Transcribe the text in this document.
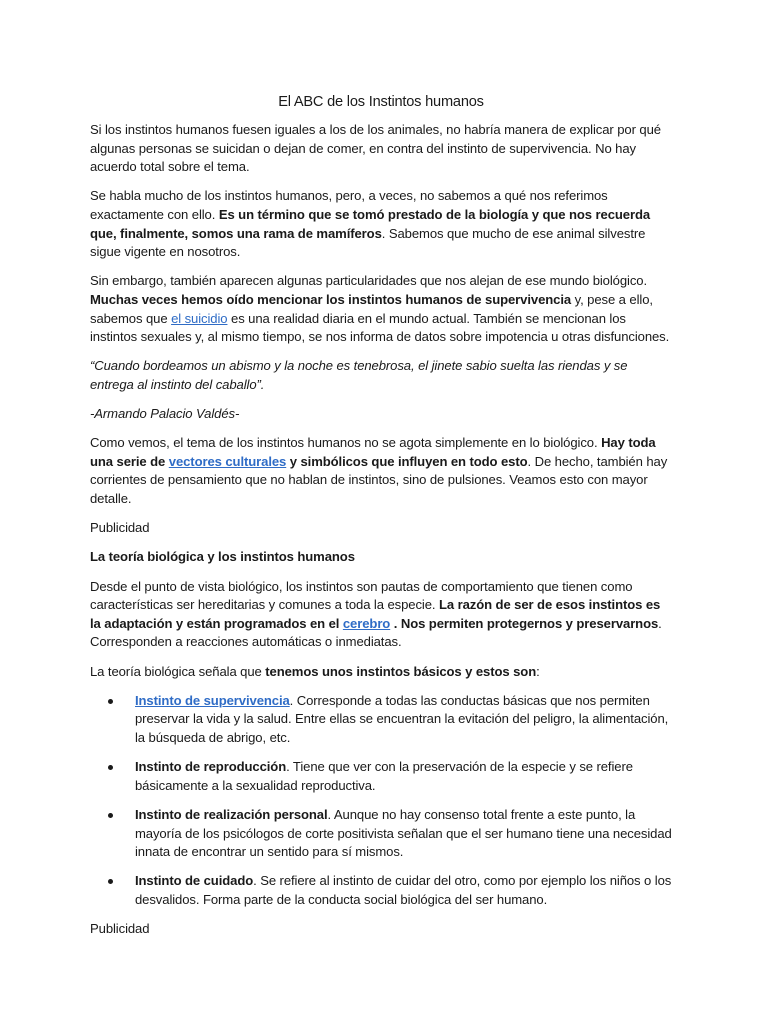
El ABC de los Instintos humanos

Si los instintos humanos fuesen iguales a los de los animales, no habría manera de explicar por qué algunas personas se suicidan o dejan de comer, en contra del instinto de supervivencia. No hay acuerdo total sobre el tema.

Se habla mucho de los instintos humanos, pero, a veces, no sabemos a qué nos referimos exactamente con ello. Es un término que se tomó prestado de la biología y que nos recuerda que, finalmente, somos una rama de mamíferos. Sabemos que mucho de ese animal silvestre sigue vigente en nosotros.

Sin embargo, también aparecen algunas particularidades que nos alejan de ese mundo biológico. Muchas veces hemos oído mencionar los instintos humanos de supervivencia y, pese a ello, sabemos que el suicidio es una realidad diaria en el mundo actual. También se mencionan los instintos sexuales y, al mismo tiempo, se nos informa de datos sobre impotencia u otras disfunciones.

“Cuando bordeamos un abismo y la noche es tenebrosa, el jinete sabio suelta las riendas y se entrega al instinto del caballo”.

-Armando Palacio Valdés-

Como vemos, el tema de los instintos humanos no se agota simplemente en lo biológico. Hay toda una serie de vectores culturales y simbólicos que influyen en todo esto. De hecho, también hay corrientes de pensamiento que no hablan de instintos, sino de pulsiones. Veamos esto con mayor detalle.

Publicidad

La teoría biológica y los instintos humanos

Desde el punto de vista biológico, los instintos son pautas de comportamiento que tienen como características ser hereditarias y comunes a toda la especie. La razón de ser de esos instintos es la adaptación y están programados en el cerebro . Nos permiten protegernos y preservarnos. Corresponden a reacciones automáticas o inmediatas.

La teoría biológica señala que tenemos unos instintos básicos y estos son:

Instinto de supervivencia. Corresponde a todas las conductas básicas que nos permiten preservar la vida y la salud. Entre ellas se encuentran la evitación del peligro, la alimentación, la búsqueda de abrigo, etc.
Instinto de reproducción. Tiene que ver con la preservación de la especie y se refiere básicamente a la sexualidad reproductiva.
Instinto de realización personal. Aunque no hay consenso total frente a este punto, la mayoría de los psicólogos de corte positivista señalan que el ser humano tiene una necesidad innata de encontrar un sentido para sí mismos.
Instinto de cuidado. Se refiere al instinto de cuidar del otro, como por ejemplo los niños o los desvalidos. Forma parte de la conducta social biológica del ser humano.

Publicidad
